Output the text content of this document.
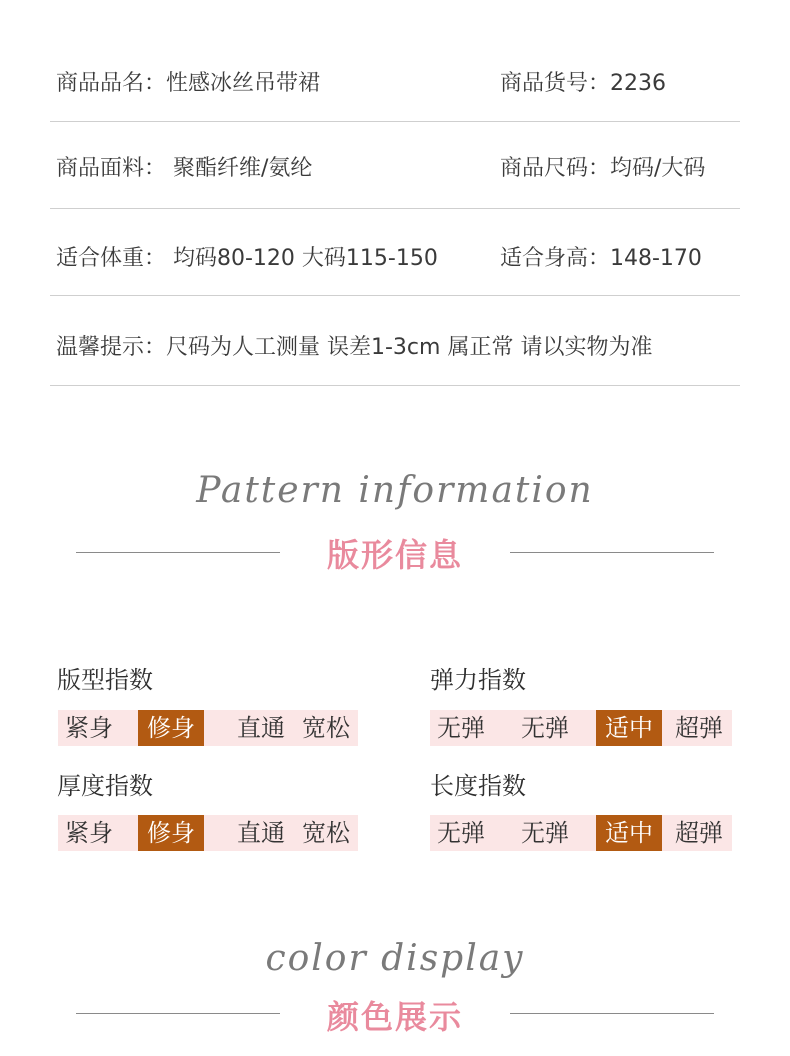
商品品名：性感冰丝吊带裙	商品货号：2236
商品面料： 聚酯纤维/氨纶	商品尺码：均码/大码
适合体重： 均码80-120 大码115-150	适合身高：148-170
温馨提示：尺码为人工测量 误差1-3cm 属正常 请以实物为准
Pattern information
版形信息
版型指数
紧身	修身	直通 宽松
弹力指数
无弹	无弹	适中 超弹
厚度指数
紧身	修身	直通 宽松
长度指数
无弹	无弹	适中 超弹
color display
颜色展示
